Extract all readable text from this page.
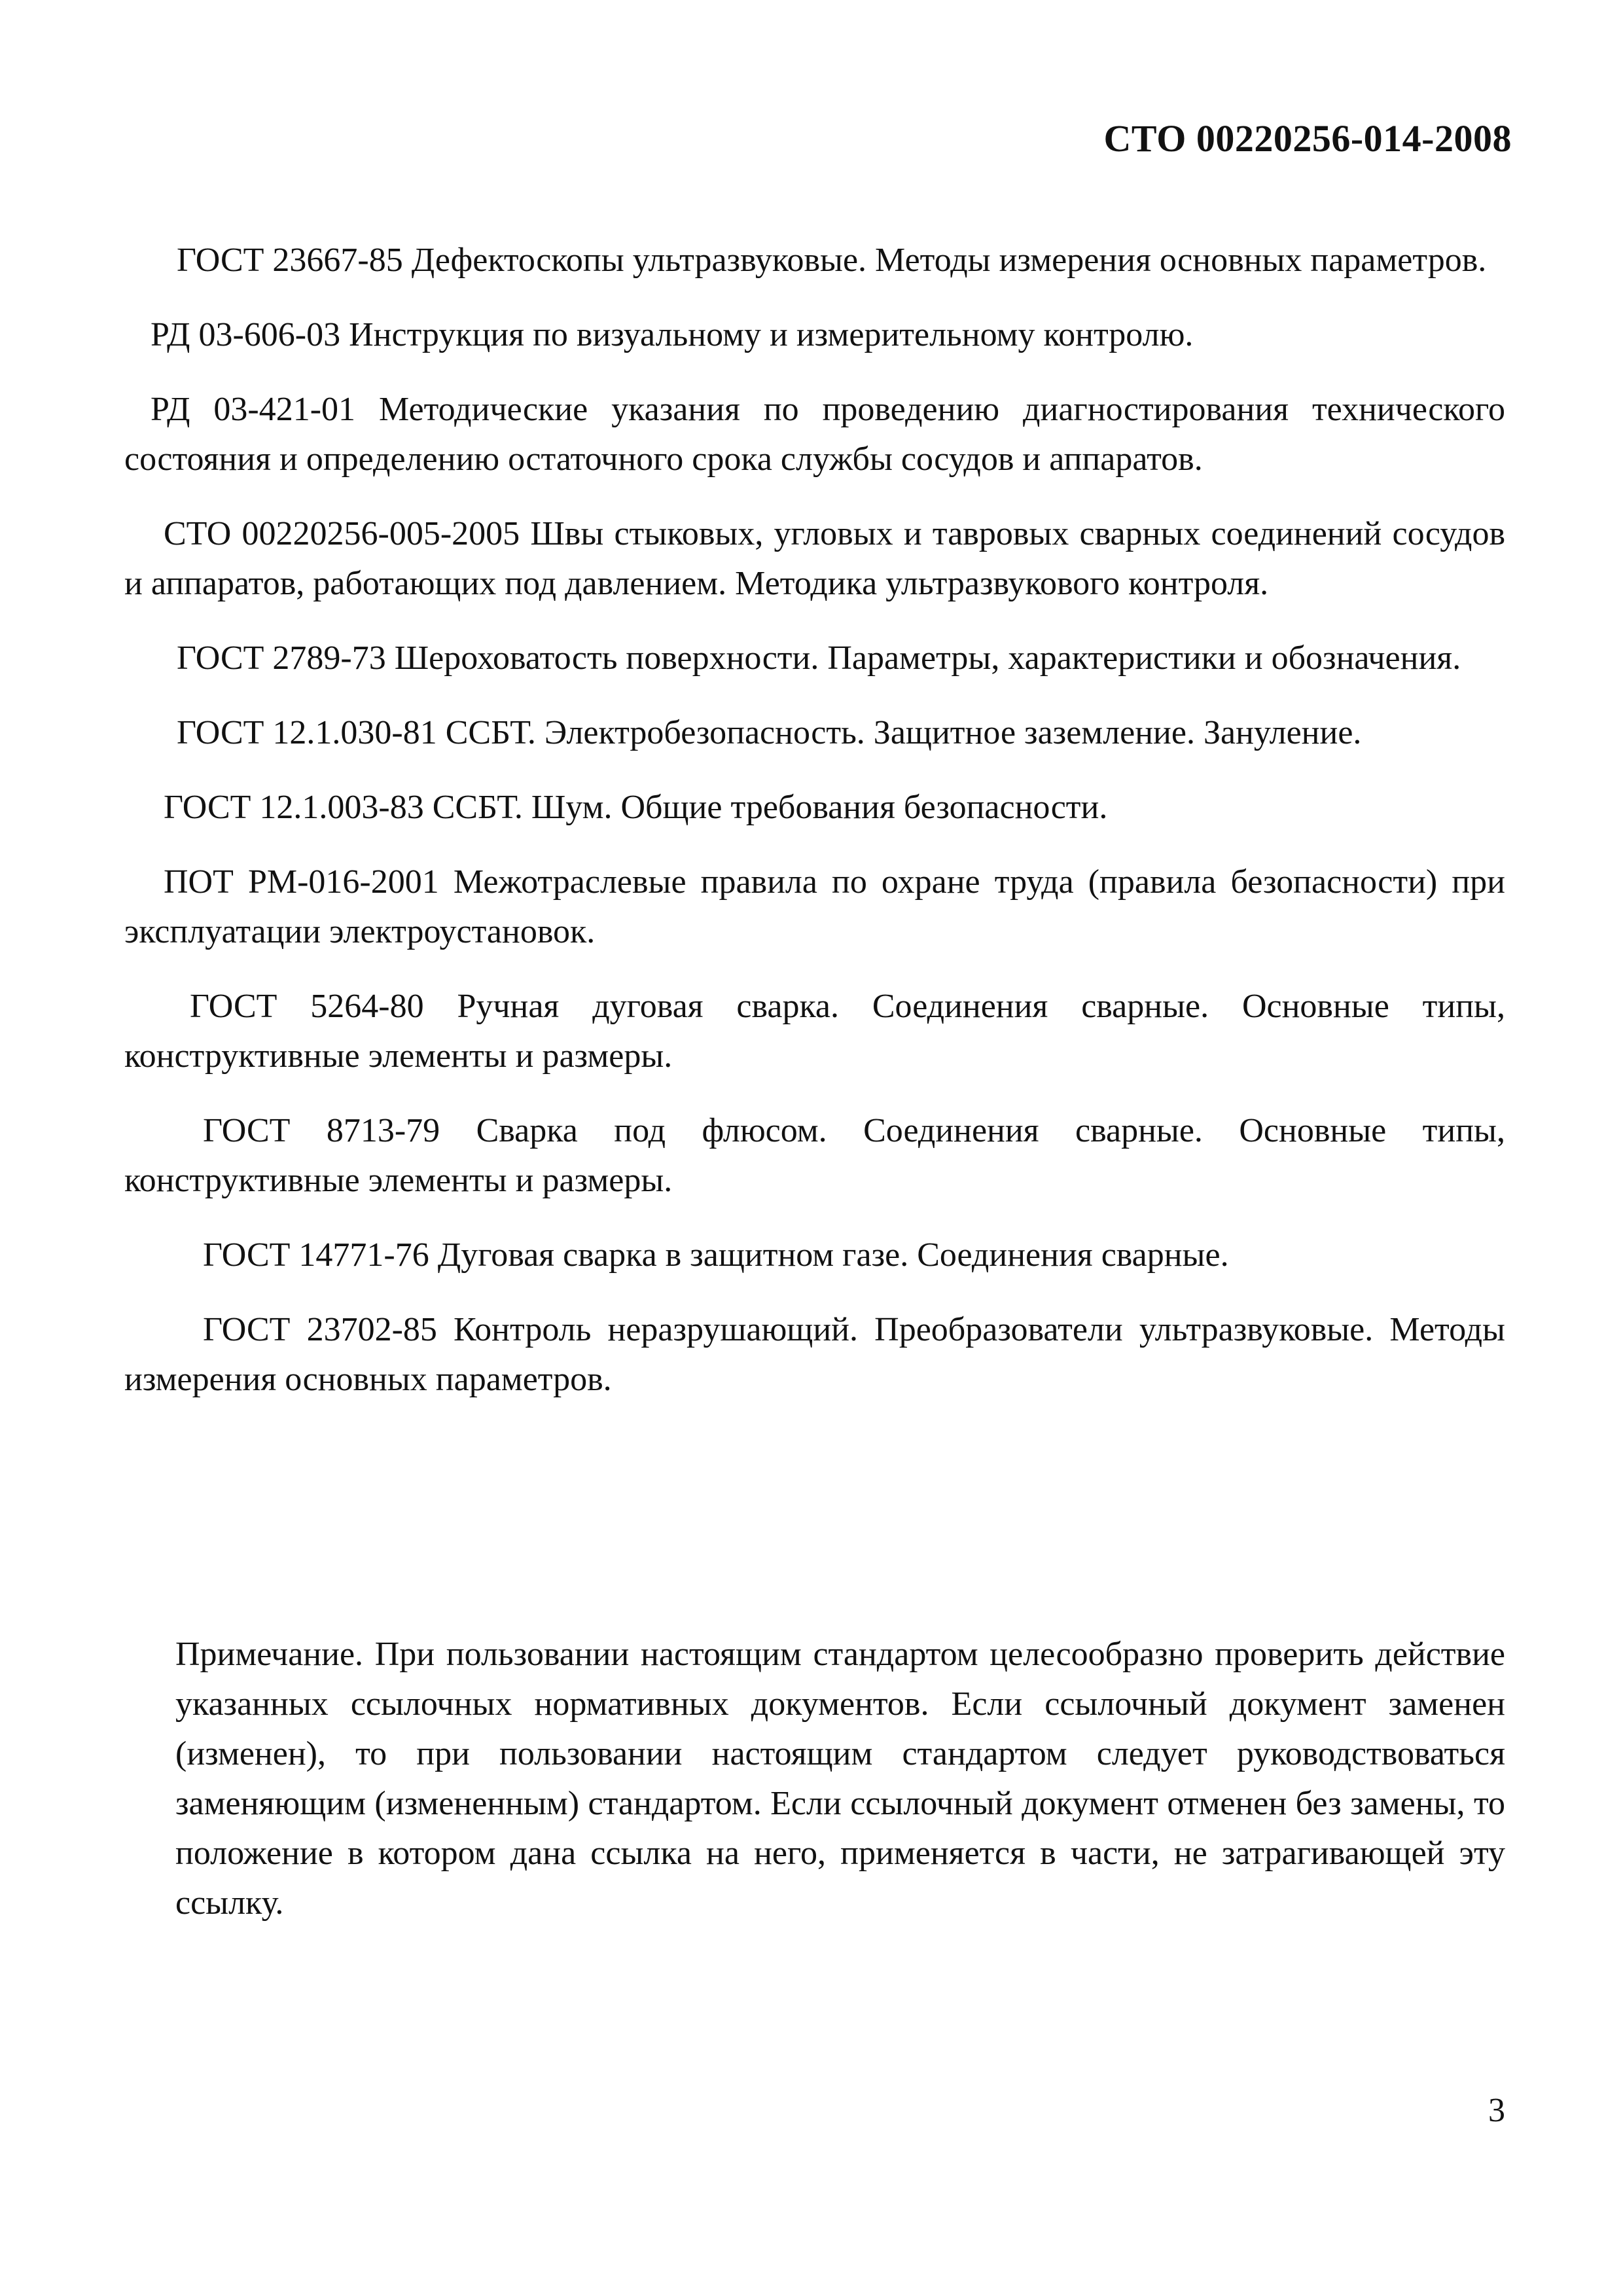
СТО 00220256-014-2008

ГОСТ 23667-85 Дефектоскопы ультразвуковые. Методы измерения основных параметров.

РД 03-606-03 Инструкция по визуальному и измерительному контролю.

РД 03-421-01 Методические указания по проведению диагностирования технического состояния и определению остаточного срока службы сосудов и аппаратов.

СТО 00220256-005-2005 Швы стыковых, угловых и тавровых сварных соединений сосудов и аппаратов, работающих под давлением. Методика ультразвукового контроля.

ГОСТ 2789-73 Шероховатость поверхности. Параметры, характеристики и обозначения.

ГОСТ 12.1.030-81 ССБТ. Электробезопасность. Защитное заземление. Зануление.

ГОСТ 12.1.003-83 ССБТ. Шум. Общие требования безопасности.

ПОТ РМ-016-2001 Межотраслевые правила по охране труда (правила безопасности) при эксплуатации электроустановок.

ГОСТ 5264-80 Ручная дуговая сварка. Соединения сварные. Основные типы, конструктивные элементы и размеры.

ГОСТ 8713-79 Сварка под флюсом. Соединения сварные. Основные типы, конструктивные элементы и размеры.

ГОСТ 14771-76 Дуговая сварка в защитном газе. Соединения сварные.

ГОСТ 23702-85 Контроль неразрушающий. Преобразователи ультразвуковые. Методы измерения основных параметров.

Примечание. При пользовании настоящим стандартом целесообразно проверить действие указанных ссылочных нормативных документов. Если ссылочный документ заменен (изменен), то при пользовании настоящим стандартом следует руководствоваться заменяющим (измененным) стандартом. Если ссылочный документ отменен без замены, то положение в котором дана ссылка на него, применяется в части, не затрагивающей эту ссылку.

3
